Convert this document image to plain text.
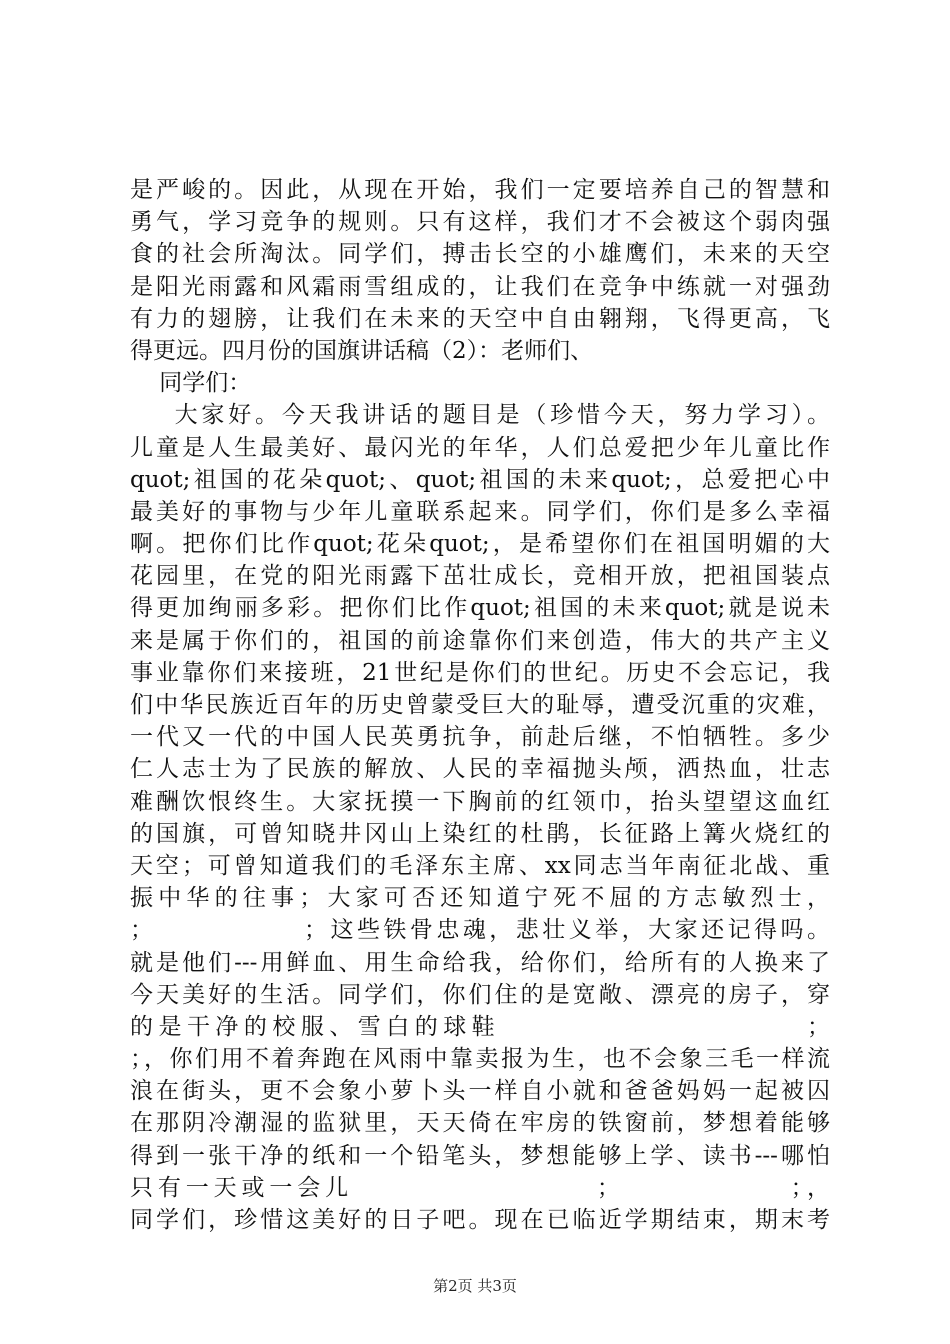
是严峻的。因此，从现在开始，我们一定要培养自己的智慧和
勇气，学习竞争的规则。只有这样，我们才不会被这个弱肉强
食的社会所淘汰。同学们，搏击长空的小雄鹰们，未来的天空
是阳光雨露和风霜雨雪组成的，让我们在竞争中练就一对强劲
有力的翅膀，让我们在未来的天空中自由翱翔，飞得更高，飞
得更远。四月份的国旗讲话稿（2）：老师们、
同学们：
大家好。今天我讲话的题目是（珍惜今天，努力学习）。
儿童是人生最美好、最闪光的年华，人们总爱把少年儿童比作
quot;祖国的花朵quot;、quot;祖国的未来quot;，总爱把心中
最美好的事物与少年儿童联系起来。同学们，你们是多么幸福
啊。把你们比作quot;花朵quot;，是希望你们在祖国明媚的大
花园里，在党的阳光雨露下茁壮成长，竞相开放，把祖国装点
得更加绚丽多彩。把你们比作quot;祖国的未来quot;就是说未
来是属于你们的，祖国的前途靠你们来创造，伟大的共产主义
事业靠你们来接班，21世纪是你们的世纪。历史不会忘记，我
们中华民族近百年的历史曾蒙受巨大的耻辱，遭受沉重的灾难，
一代又一代的中国人民英勇抗争，前赴后继，不怕牺牲。多少
仁人志士为了民族的解放、人民的幸福抛头颅，洒热血，壮志
难酬饮恨终生。大家抚摸一下胸前的红领巾，抬头望望这血红
的国旗，可曾知晓井冈山上染红的杜鹃，长征路上篝火烧红的
天空；可曾知道我们的毛泽东主席、xx同志当年南征北战、重
振中华的往事；大家可否还知道宁死不屈的方志敏烈士，
；              ；这些铁骨忠魂，悲壮义举，大家还记得吗。
就是他们---用鲜血、用生命给我，给你们，给所有的人换来了
今天美好的生活。同学们，你们住的是宽敞、漂亮的房子，穿
的是干净的校服、雪白的球鞋                        ；
；，你们用不着奔跑在风雨中靠卖报为生，也不会象三毛一样流
浪在街头，更不会象小萝卜头一样自小就和爸爸妈妈一起被囚
在那阴冷潮湿的监狱里，天天倚在牢房的铁窗前，梦想着能够
得到一张干净的纸和一个铅笔头，梦想能够上学、读书---哪怕
只有一天或一会儿                    ；              ；，
同学们，珍惜这美好的日子吧。现在已临近学期结束，期末考
第2页 共3页
